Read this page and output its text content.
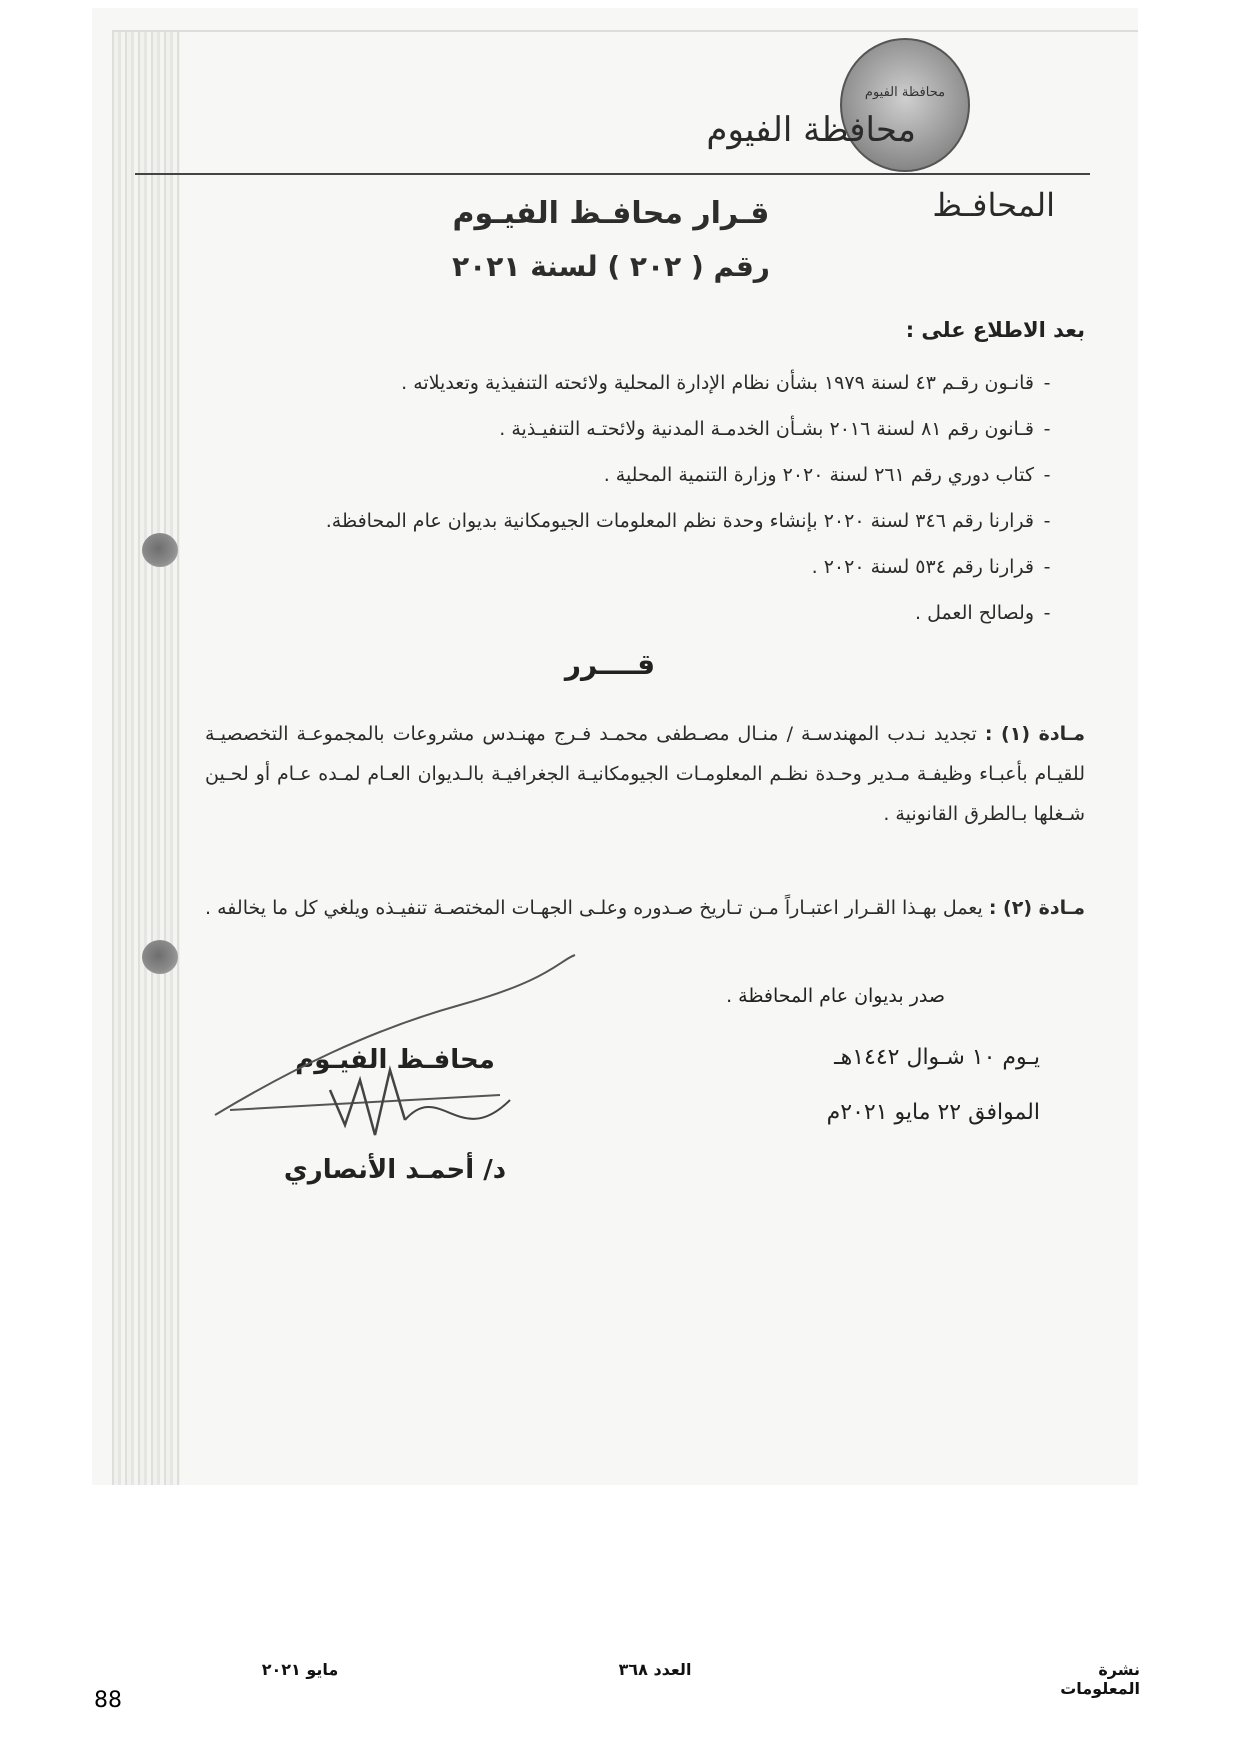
محافظة الفيوم
محافظة الفيوم
المحافـظ
قـرار محافـظ الفيـوم
رقم ( ٢٠٢ ) لسنة ٢٠٢١
بعد الاطلاع على :
-قانـون رقـم ٤٣ لسنة ١٩٧٩ بشأن نظام الإدارة المحلية ولائحته التنفيذية وتعديلاته .
-قـانون رقم ٨١ لسنة ٢٠١٦ بشـأن الخدمـة المدنية ولائحتـه التنفيـذية .
-كتاب دوري رقم ٢٦١ لسنة ٢٠٢٠ وزارة التنمية المحلية .
-قرارنا رقم ٣٤٦ لسنة ٢٠٢٠ بإنشاء وحدة نظم المعلومات الجيومكانية بديوان عام المحافظة.
-قرارنا رقم ٥٣٤ لسنة ٢٠٢٠ .
-ولصالح العمل .
قــــرر
مـادة (١) : تجديد نـدب المهندسـة / منـال مصـطفى محمـد فـرج مهنـدس مشروعات بالمجموعـة التخصصيـة للقيـام بأعبـاء وظيفـة مـدير وحـدة نظـم المعلومـات الجيومكانيـة الجغرافيـة بالـديوان العـام لمـده عـام أو لحـين شـغلها بـالطرق القانونية .
مـادة (٢) : يعمل بهـذا القـرار اعتبـاراً مـن تـاريخ صـدوره وعلـى الجهـات المختصـة تنفيـذه ويلغي كل ما يخالفه .
صدر بديوان عام المحافظة .
يـوم ١٠ شـوال ١٤٤٢هـ
الموافق ٢٢ مايو ٢٠٢١م
محافـظ الفيـوم
د/ أحمـد الأنصاري
نشرة المعلومات
العدد ٣٦٨
مايو ٢٠٢١
88
